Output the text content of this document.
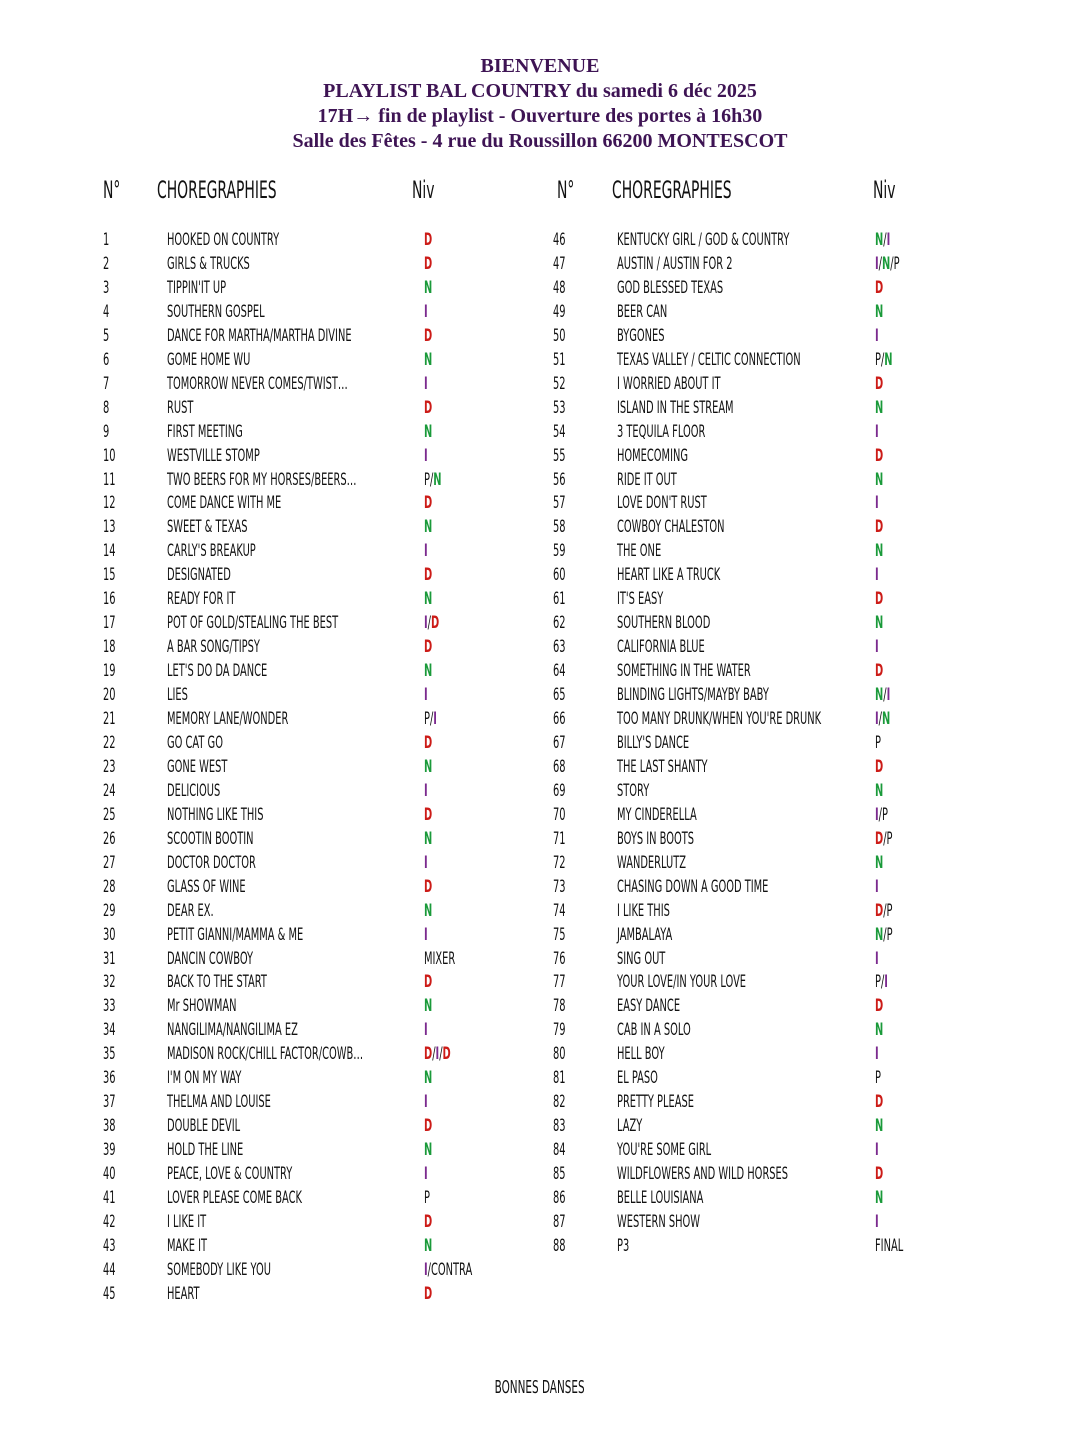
BIENVENUE
PLAYLIST BAL COUNTRY du samedi 6 déc 2025
17H→ fin de playlist - Ouverture des portes à 16h30
Salle des Fêtes - 4 rue du Roussillon 66200 MONTESCOT
N°	CHOREGRAPHIES	Niv	N°	CHOREGRAPHIES	Niv
1	HOOKED ON COUNTRY	D
2	GIRLS & TRUCKS	D
3	TIPPIN'IT UP	N
4	SOUTHERN GOSPEL	I
5	DANCE FOR MARTHA/MARTHA DIVINE	D
6	GOME HOME WU	N
7	TOMORROW NEVER COMES/TWIST…	I
8	RUST	D
9	FIRST MEETING	N
10	WESTVILLE STOMP	I
11	TWO BEERS FOR MY HORSES/BEERS…	P/N
12	COME DANCE WITH ME	D
13	SWEET & TEXAS	N
14	CARLY'S BREAKUP	I
15	DESIGNATED	D
16	READY FOR IT	N
17	POT OF GOLD/STEALING THE BEST	I/D
18	A BAR SONG/TIPSY	D
19	LET'S DO DA DANCE	N
20	LIES	I
21	MEMORY LANE/WONDER	P/I
22	GO CAT GO	D
23	GONE WEST	N
24	DELICIOUS	I
25	NOTHING LIKE THIS	D
26	SCOOTIN BOOTIN	N
27	DOCTOR DOCTOR	I
28	GLASS OF WINE	D
29	DEAR EX.	N
30	PETIT GIANNI/MAMMA & ME	I
31	DANCIN COWBOY	MIXER
32	BACK TO THE START	D
33	Mr SHOWMAN	N
34	NANGILIMA/NANGILIMA EZ	I
35	MADISON ROCK/CHILL FACTOR/COWB…	D/I/D
36	I'M ON MY WAY	N
37	THELMA AND LOUISE	I
38	DOUBLE DEVIL	D
39	HOLD THE LINE	N
40	PEACE, LOVE & COUNTRY	I
41	LOVER PLEASE COME BACK	P
42	I LIKE IT	D
43	MAKE IT	N
44	SOMEBODY LIKE YOU	I/CONTRA
45	HEART	D
46	KENTUCKY GIRL / GOD & COUNTRY	N/I
47	AUSTIN / AUSTIN FOR 2	I/N/P
48	GOD BLESSED TEXAS	D
49	BEER CAN	N
50	BYGONES	I
51	TEXAS VALLEY / CELTIC CONNECTION	P/N
52	I WORRIED ABOUT IT	D
53	ISLAND IN THE STREAM	N
54	3 TEQUILA FLOOR	I
55	HOMECOMING	D
56	RIDE IT OUT	N
57	LOVE DON'T RUST	I
58	COWBOY CHALESTON	D
59	THE ONE	N
60	HEART LIKE A TRUCK	I
61	IT'S EASY	D
62	SOUTHERN BLOOD	N
63	CALIFORNIA BLUE	I
64	SOMETHING IN THE WATER	D
65	BLINDING LIGHTS/MAYBY BABY	N/I
66	TOO MANY DRUNK/WHEN YOU'RE DRUNK	I/N
67	BILLY'S DANCE	P
68	THE LAST SHANTY	D
69	STORY	N
70	MY CINDERELLA	I/P
71	BOYS IN BOOTS	D/P
72	WANDERLUTZ	N
73	CHASING DOWN A GOOD TIME	I
74	I LIKE THIS	D/P
75	JAMBALAYA	N/P
76	SING OUT	I
77	YOUR LOVE/IN YOUR LOVE	P/I
78	EASY DANCE	D
79	CAB IN A SOLO	N
80	HELL BOY	I
81	EL PASO	P
82	PRETTY PLEASE	D
83	LAZY	N
84	YOU'RE SOME GIRL	I
85	WILDFLOWERS AND WILD HORSES	D
86	BELLE LOUISIANA	N
87	WESTERN SHOW	I
88	P3	FINAL
BONNES DANSES
